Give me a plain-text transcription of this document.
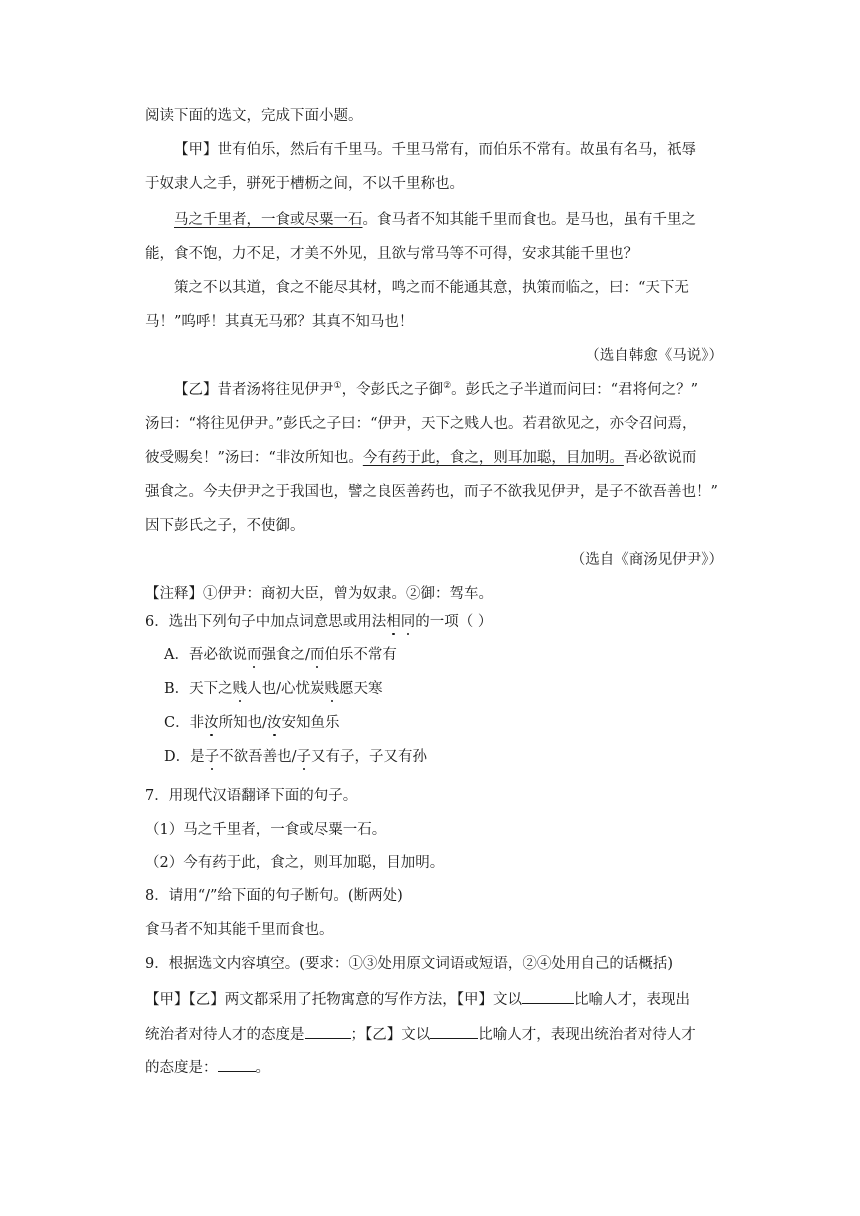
阅读下面的选文，完成下面小题。
【甲】世有伯乐，然后有千里马。千里马常有，而伯乐不常有。故虽有名马，祇辱
于奴隶人之手，骈死于槽枥之间，不以千里称也。
马之千里者，一食或尽粟一石。食马者不知其能千里而食也。是马也，虽有千里之
能，食不饱，力不足，才美不外见，且欲与常马等不可得，安求其能千里也？
策之不以其道，食之不能尽其材，鸣之而不能通其意，执策而临之，曰：“天下无
马！”呜呼！其真无马邪？其真不知马也！
（选自韩愈《马说》）
【乙】昔者汤将往见伊尹①，令彭氏之子御②。彭氏之子半道而问曰：“君将何之？”
汤曰：“将往见伊尹。”彭氏之子曰：“伊尹，天下之贱人也。若君欲见之，亦令召问焉，
彼受赐矣！”汤曰：“非汝所知也。今有药于此，食之，则耳加聪，目加明。吾必欲说而
强食之。今夫伊尹之于我国也，譬之良医善药也，而子不欲我见伊尹，是子不欲吾善也！”
因下彭氏之子，不使御。
（选自《商汤见伊尹》）
【注释】①伊尹：商初大臣，曾为奴隶。②御：驾车。
6．选出下列句子中加点词意思或用法相同的一项（ ）
A．吾必欲说而强食之/而伯乐不常有
B．天下之贱人也/心忧炭贱愿天寒
C．非汝所知也/汝安知鱼乐
D．是子不欲吾善也/子又有子，子又有孙
7．用现代汉语翻译下面的句子。
（1）马之千里者，一食或尽粟一石。
（2）今有药于此，食之，则耳加聪，目加明。
8．请用“/”给下面的句子断句。(断两处)
食马者不知其能千里而食也。
9．根据选文内容填空。(要求：①③处用原文词语或短语，②④处用自己的话概括)
【甲】【乙】两文都采用了托物寓意的写作方法，【甲】文以	比喻人才，表现出
统治者对待人才的态度是	；【乙】文以	比喻人才，表现出统治者对待人才
的态度是：	。
